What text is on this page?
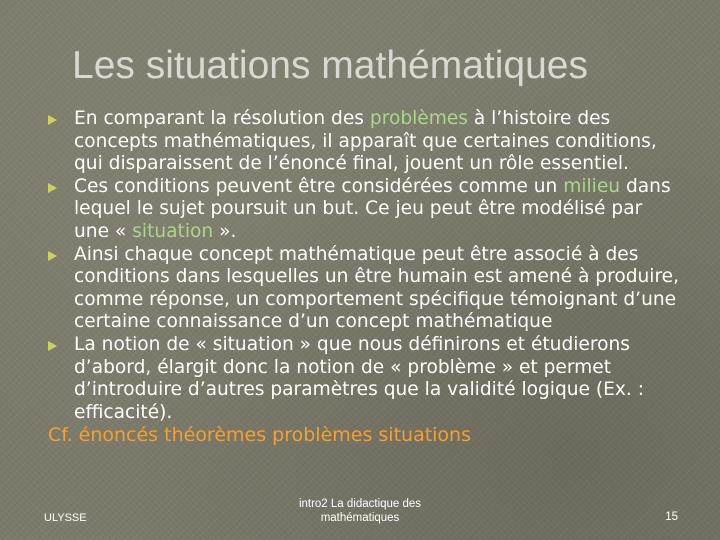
Les situations mathématiques

En comparant la résolution des problèmes à l’histoire des concepts mathématiques, il apparaît que certaines conditions, qui disparaissent de l’énoncé final, jouent un rôle essentiel.

Ces conditions peuvent être considérées comme un milieu dans lequel le sujet poursuit un but. Ce jeu peut être modélisé par une « situation ».

Ainsi chaque concept mathématique peut être associé à des conditions dans lesquelles un être humain est amené à produire, comme réponse, un comportement spécifique témoignant d’une certaine connaissance d’un concept mathématique

La notion de « situation » que nous définirons et étudierons d’abord, élargit donc la notion de « problème » et permet d’introduire d’autres paramètres que la validité logique (Ex. : efficacité).

Cf. énoncés théorèmes problèmes situations

ULYSSE
intro2 La didactique des mathématiques	15
